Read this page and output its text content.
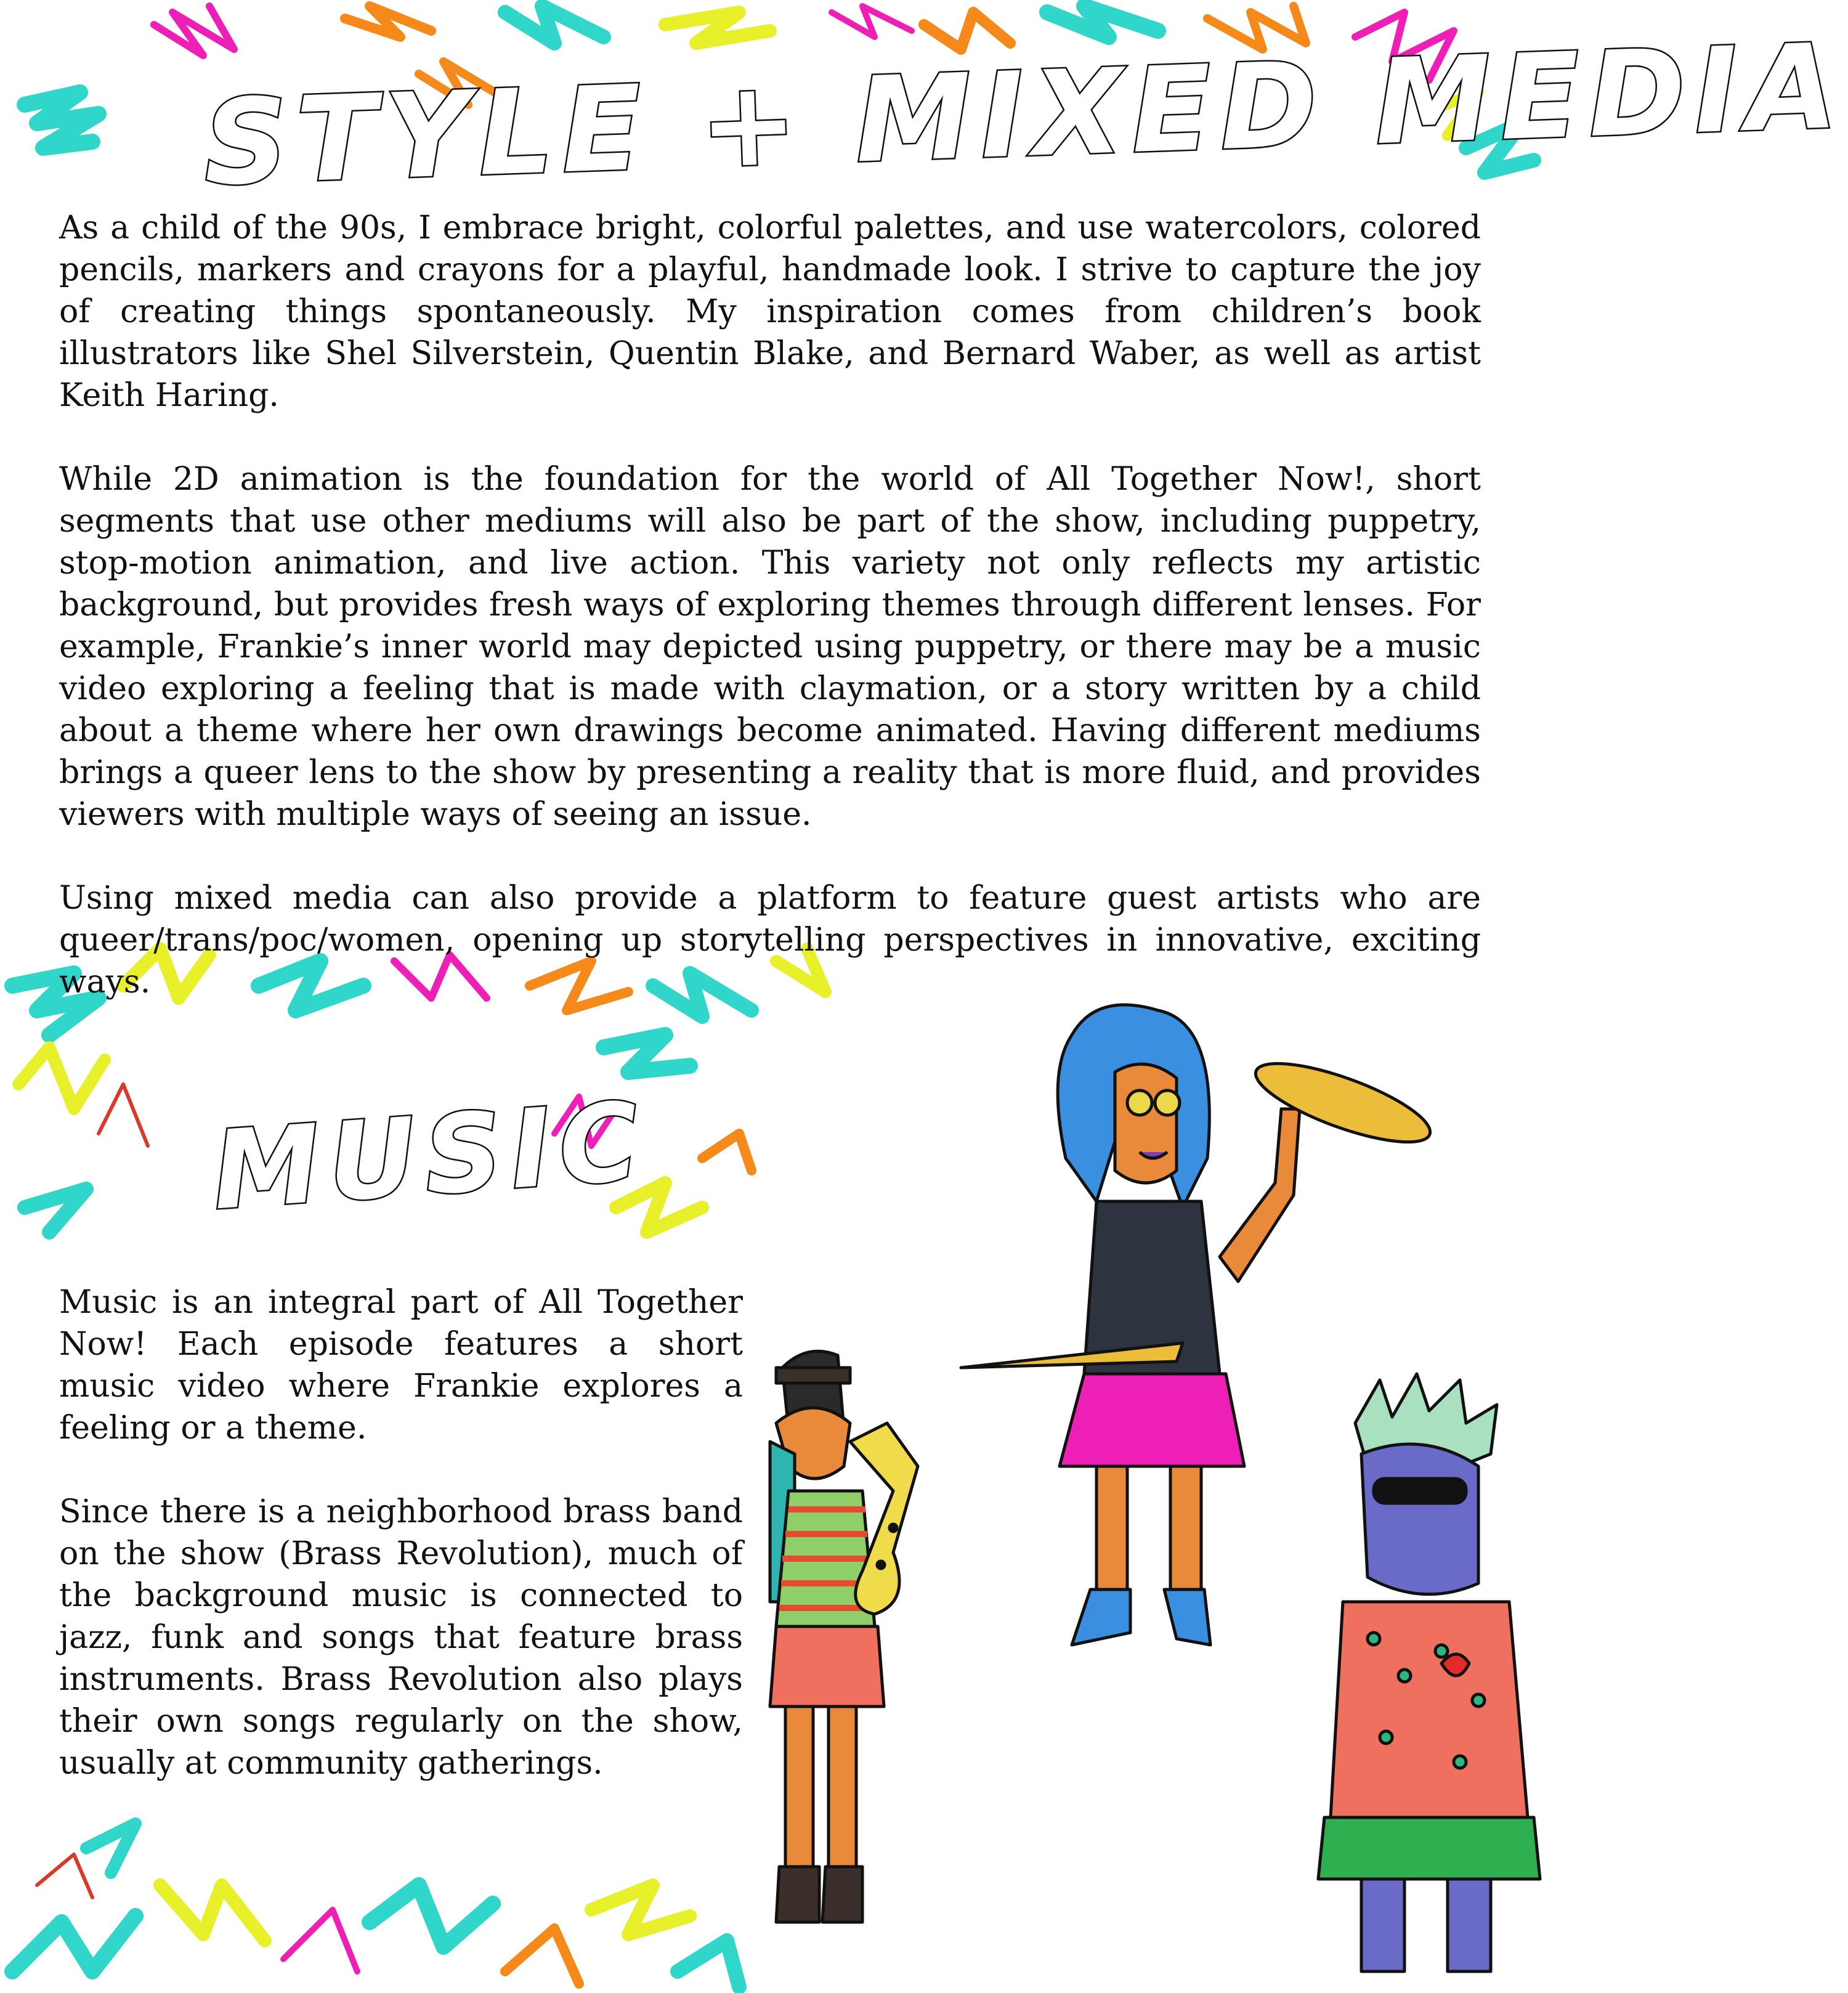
STYLE + MIXED MEDIA

As a child of the 90s, I embrace bright, colorful palettes, and use watercolors, colored pencils, markers and crayons for a playful, handmade look. I strive to capture the joy of creating things spontaneously. My inspiration comes from children’s book illustrators like Shel Silverstein, Quentin Blake, and Bernard Waber, as well as artist Keith Haring.

While 2D animation is the foundation for the world of All Together Now!, short segments that use other mediums will also be part of the show, including puppetry, stop-motion animation, and live action. This variety not only reflects my artistic background, but provides fresh ways of exploring themes through different lenses. For example, Frankie’s inner world may depicted using puppetry, or there may be a music video exploring a feeling that is made with claymation, or a story written by a child about a theme where her own drawings become animated. Having different mediums brings a queer lens to the show by presenting a reality that is more fluid, and provides viewers with multiple ways of seeing an issue.

Using mixed media can also provide a platform to feature guest artists who are queer/trans/poc/women, opening up storytelling perspectives in innovative, exciting ways.

MUSIC

Music is an integral part of All Together Now! Each episode features a short music video where Frankie explores a feeling or a theme.

Since there is a neighborhood brass band on the show (Brass Revolution), much of the background music is connected to jazz, funk and songs that feature brass instruments. Brass Revolution also plays their own songs regularly on the show, usually at community gatherings.
